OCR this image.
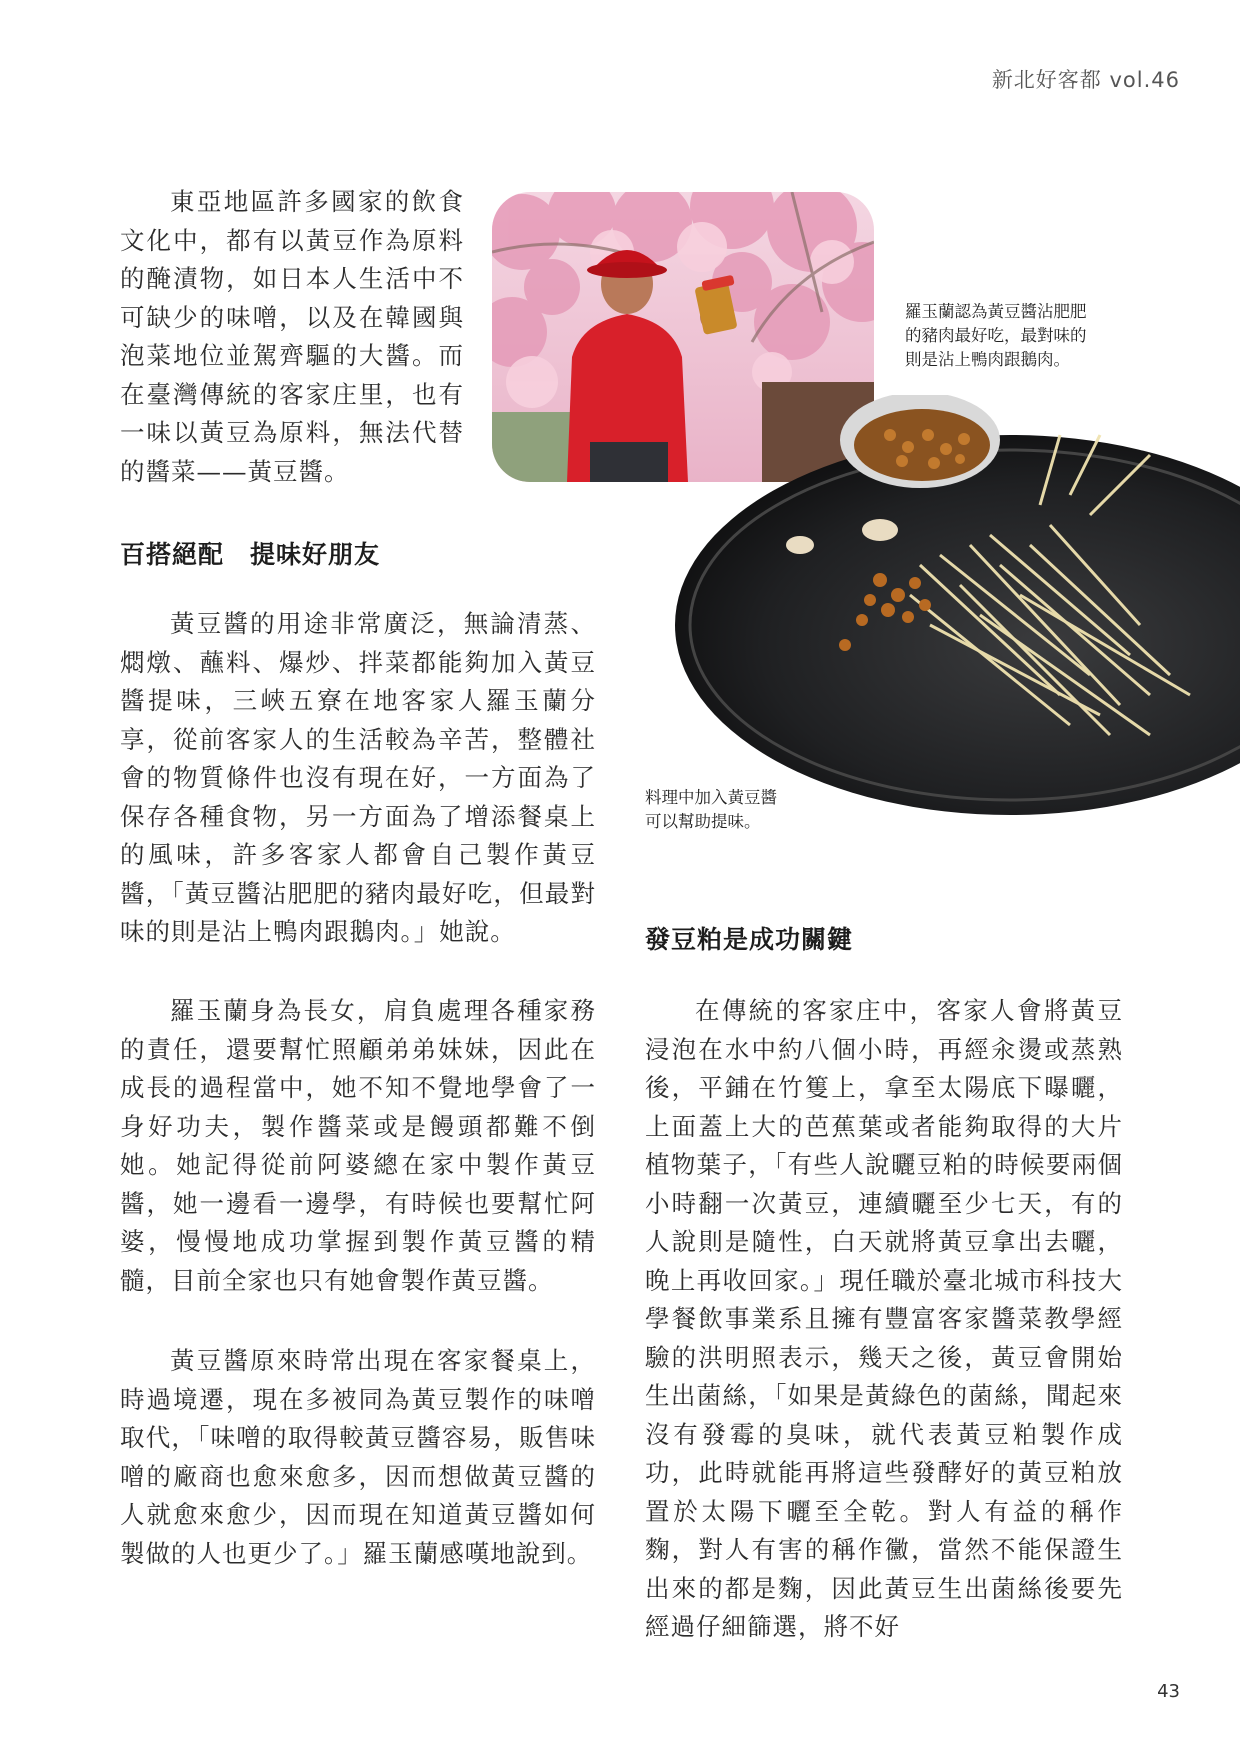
新北好客都 vol.46

東亞地區許多國家的飲食文化中，都有以黃豆作為原料的醃漬物，如日本人生活中不可缺少的味噌，以及在韓國與泡菜地位並駕齊驅的大醬。而在臺灣傳統的客家庄里，也有一味以黃豆為原料，無法代替的醬菜——黃豆醬。

羅玉蘭認為黃豆醬沾肥肥
的豬肉最好吃，最對味的
則是沾上鴨肉跟鵝肉。
料理中加入黃豆醬
可以幫助提味。
百搭絕配　提味好朋友

黃豆醬的用途非常廣泛，無論清蒸、燜燉、蘸料、爆炒、拌菜都能夠加入黃豆醬提味，三峽五寮在地客家人羅玉蘭分享，從前客家人的生活較為辛苦，整體社會的物質條件也沒有現在好，一方面為了保存各種食物，另一方面為了增添餐桌上的風味，許多客家人都會自己製作黃豆醬，「黃豆醬沾肥肥的豬肉最好吃，但最對味的則是沾上鴨肉跟鵝肉。」她說。

羅玉蘭身為長女，肩負處理各種家務的責任，還要幫忙照顧弟弟妹妹，因此在成長的過程當中，她不知不覺地學會了一身好功夫，製作醬菜或是饅頭都難不倒她。她記得從前阿婆總在家中製作黃豆醬，她一邊看一邊學，有時候也要幫忙阿婆，慢慢地成功掌握到製作黃豆醬的精髓，目前全家也只有她會製作黃豆醬。

黃豆醬原來時常出現在客家餐桌上，時過境遷，現在多被同為黃豆製作的味噌取代，「味噌的取得較黃豆醬容易，販售味噌的廠商也愈來愈多，因而想做黃豆醬的人就愈來愈少，因而現在知道黃豆醬如何製做的人也更少了。」羅玉蘭感嘆地說到。

發豆粕是成功關鍵

在傳統的客家庄中，客家人會將黃豆浸泡在水中約八個小時，再經汆燙或蒸熟後，平鋪在竹篗上，拿至太陽底下曝曬，上面蓋上大的芭蕉葉或者能夠取得的大片植物葉子，「有些人說曬豆粕的時候要兩個小時翻一次黃豆，連續曬至少七天，有的人說則是隨性，白天就將黃豆拿出去曬，晚上再收回家。」現任職於臺北城市科技大學餐飲事業系且擁有豐富客家醬菜教學經驗的洪明照表示，幾天之後，黃豆會開始生出菌絲，「如果是黃綠色的菌絲，聞起來沒有發霉的臭味，就代表黃豆粕製作成功，此時就能再將這些發酵好的黃豆粕放置於太陽下曬至全乾。對人有益的稱作麴，對人有害的稱作黴，當然不能保證生出來的都是麴，因此黃豆生出菌絲後要先經過仔細篩選，將不好

43
